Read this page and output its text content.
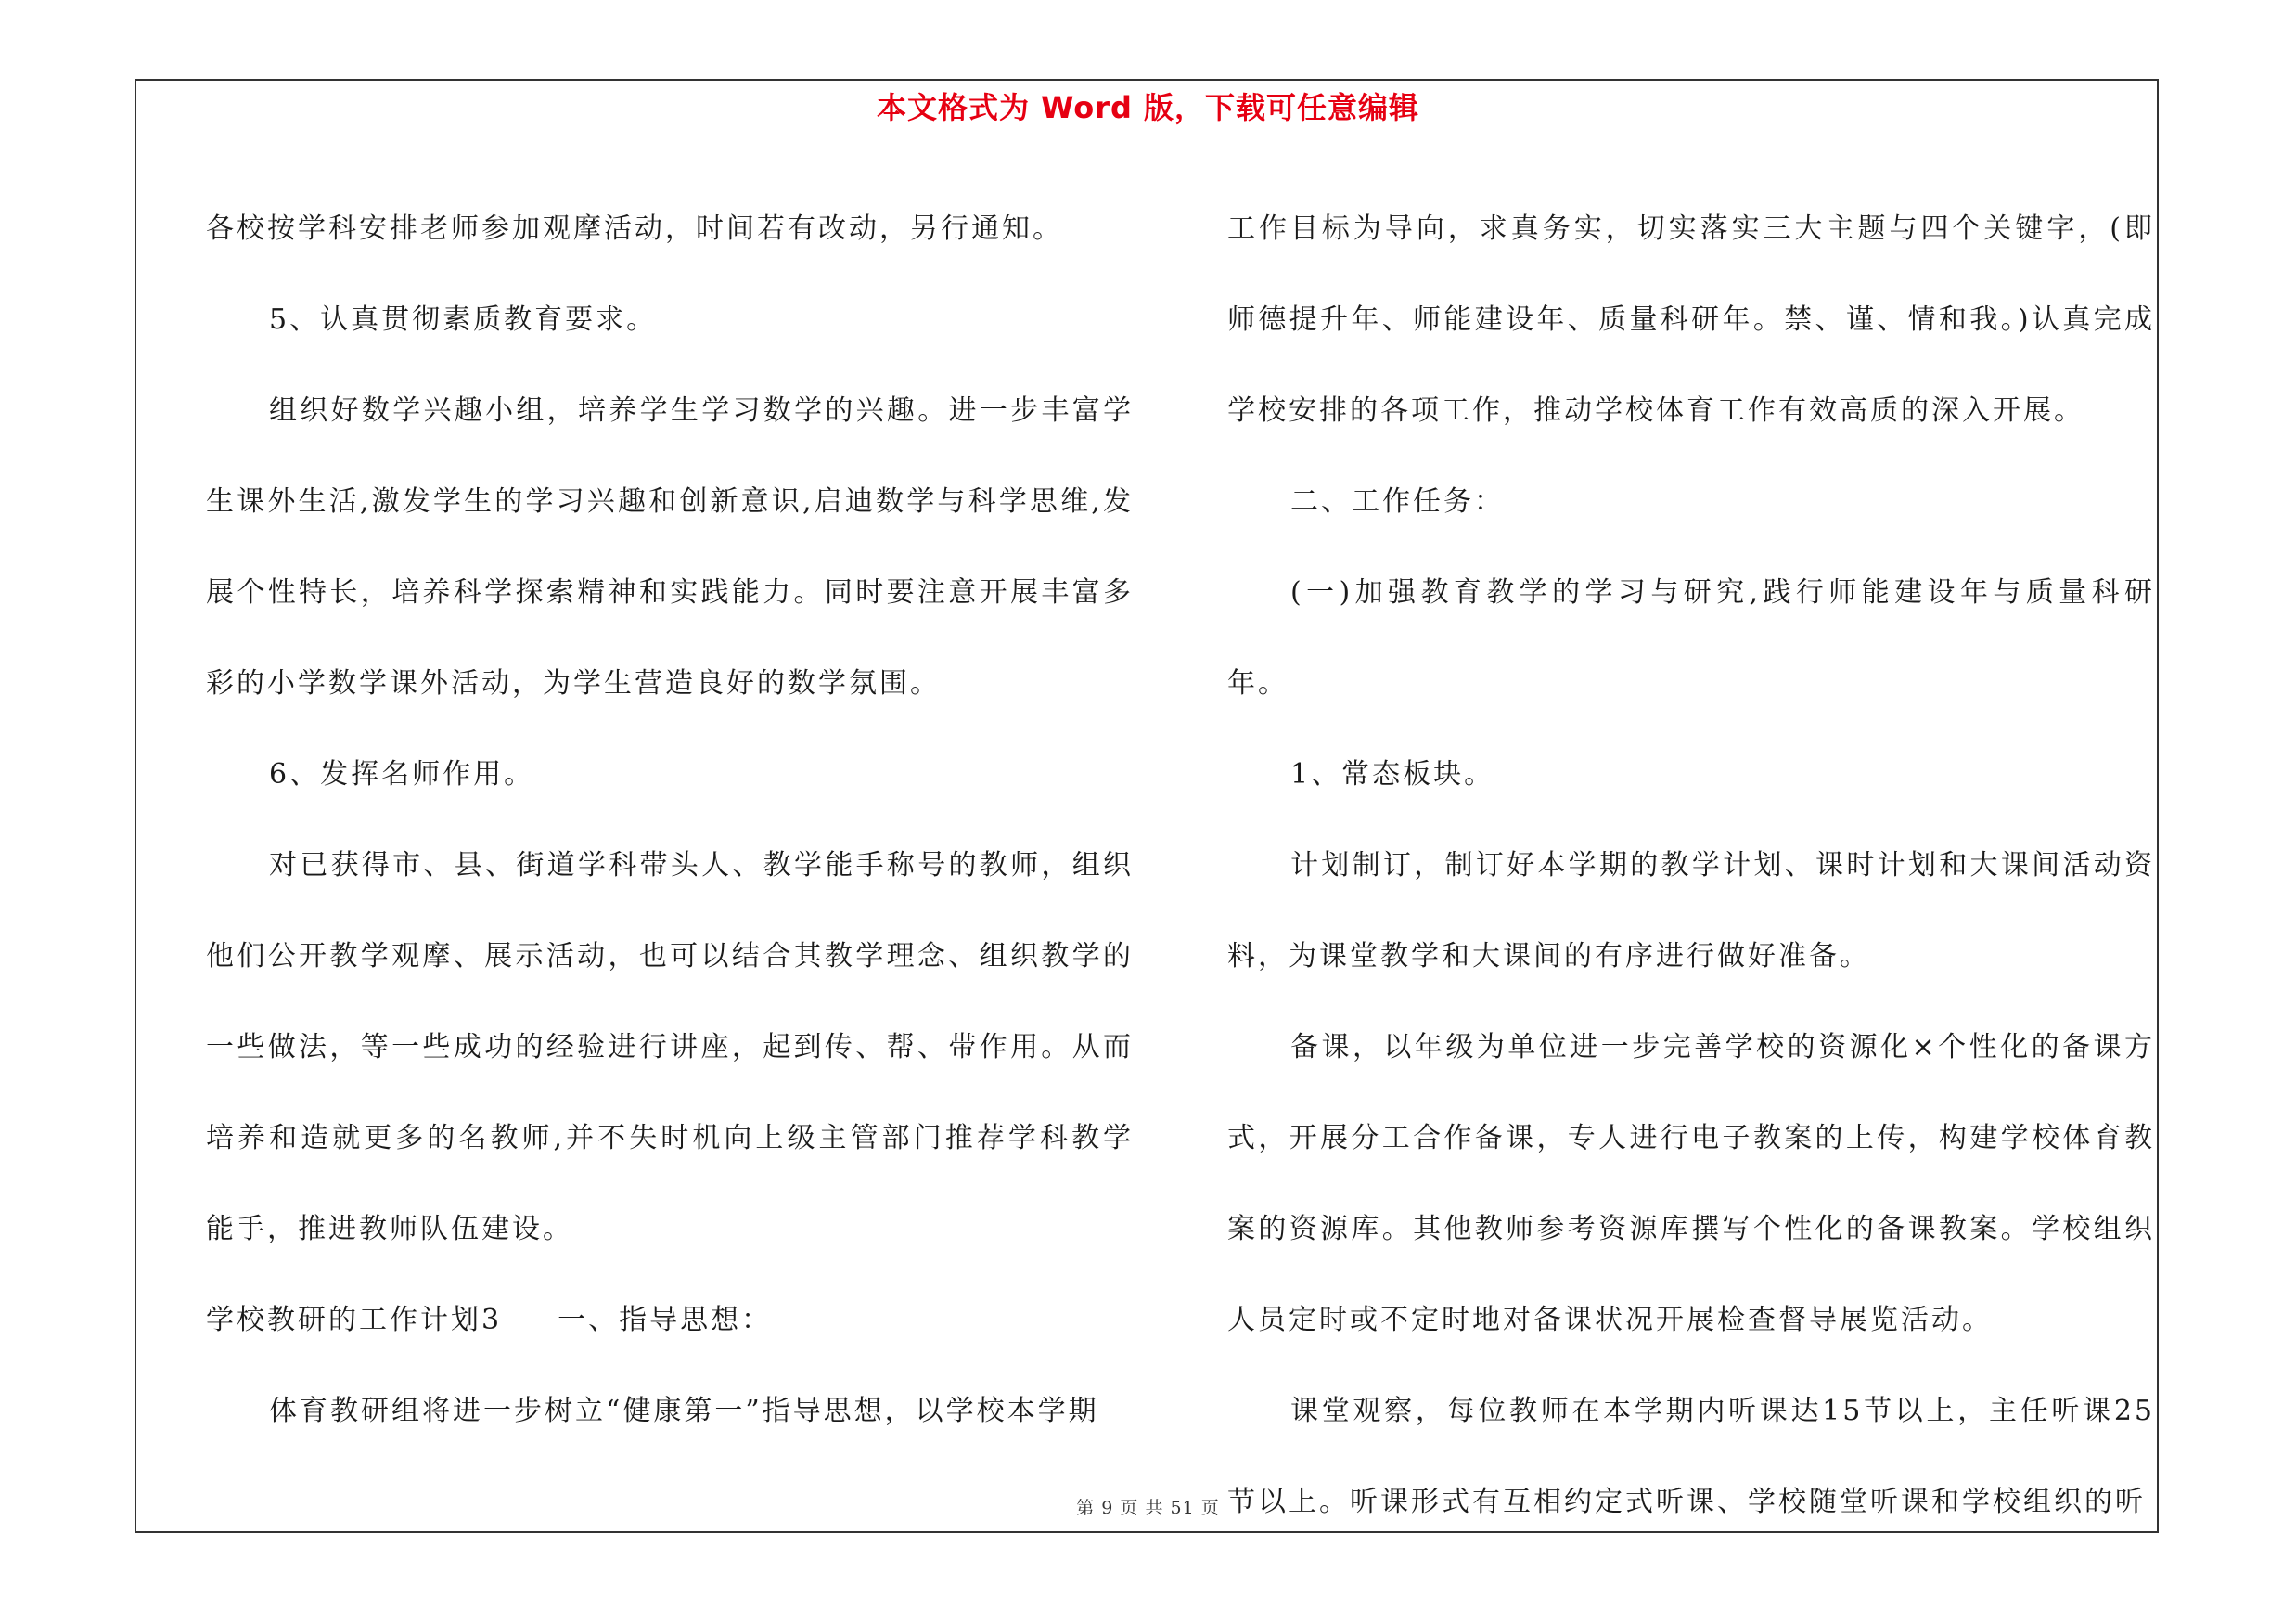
本文格式为 Word 版，下载可任意编辑

各校按学科安排老师参加观摩活动，时间若有改动，另行通知。

5、认真贯彻素质教育要求。

组织好数学兴趣小组，培养学生学习数学的兴趣。进一步丰富学生课外生活,激发学生的学习兴趣和创新意识,启迪数学与科学思维,发展个性特长，培养科学探索精神和实践能力。同时要注意开展丰富多彩的小学数学课外活动，为学生营造良好的数学氛围。

6、发挥名师作用。

对已获得市、县、街道学科带头人、教学能手称号的教师，组织他们公开教学观摩、展示活动，也可以结合其教学理念、组织教学的一些做法，等一些成功的经验进行讲座，起到传、帮、带作用。从而培养和造就更多的名教师,并不失时机向上级主管部门推荐学科教学能手，推进教师队伍建设。

学校教研的工作计划3 一、指导思想：

体育教研组将进一步树立“健康第一”指导思想，以学校本学期

工作目标为导向，求真务实，切实落实三大主题与四个关键字，(即师德提升年、师能建设年、质量科研年。禁、谨、情和我。)认真完成学校安排的各项工作，推动学校体育工作有效高质的深入开展。

二、工作任务：

(一)加强教育教学的学习与研究,践行师能建设年与质量科研年。

1、常态板块。

计划制订，制订好本学期的教学计划、课时计划和大课间活动资料，为课堂教学和大课间的有序进行做好准备。

备课，以年级为单位进一步完善学校的资源化×个性化的备课方式，开展分工合作备课，专人进行电子教案的上传，构建学校体育教案的资源库。其他教师参考资源库撰写个性化的备课教案。学校组织人员定时或不定时地对备课状况开展检查督导展览活动。

课堂观察，每位教师在本学期内听课达15节以上，主任听课25节以上。听课形式有互相约定式听课、学校随堂听课和学校组织的听

第 9 页 共 51 页
